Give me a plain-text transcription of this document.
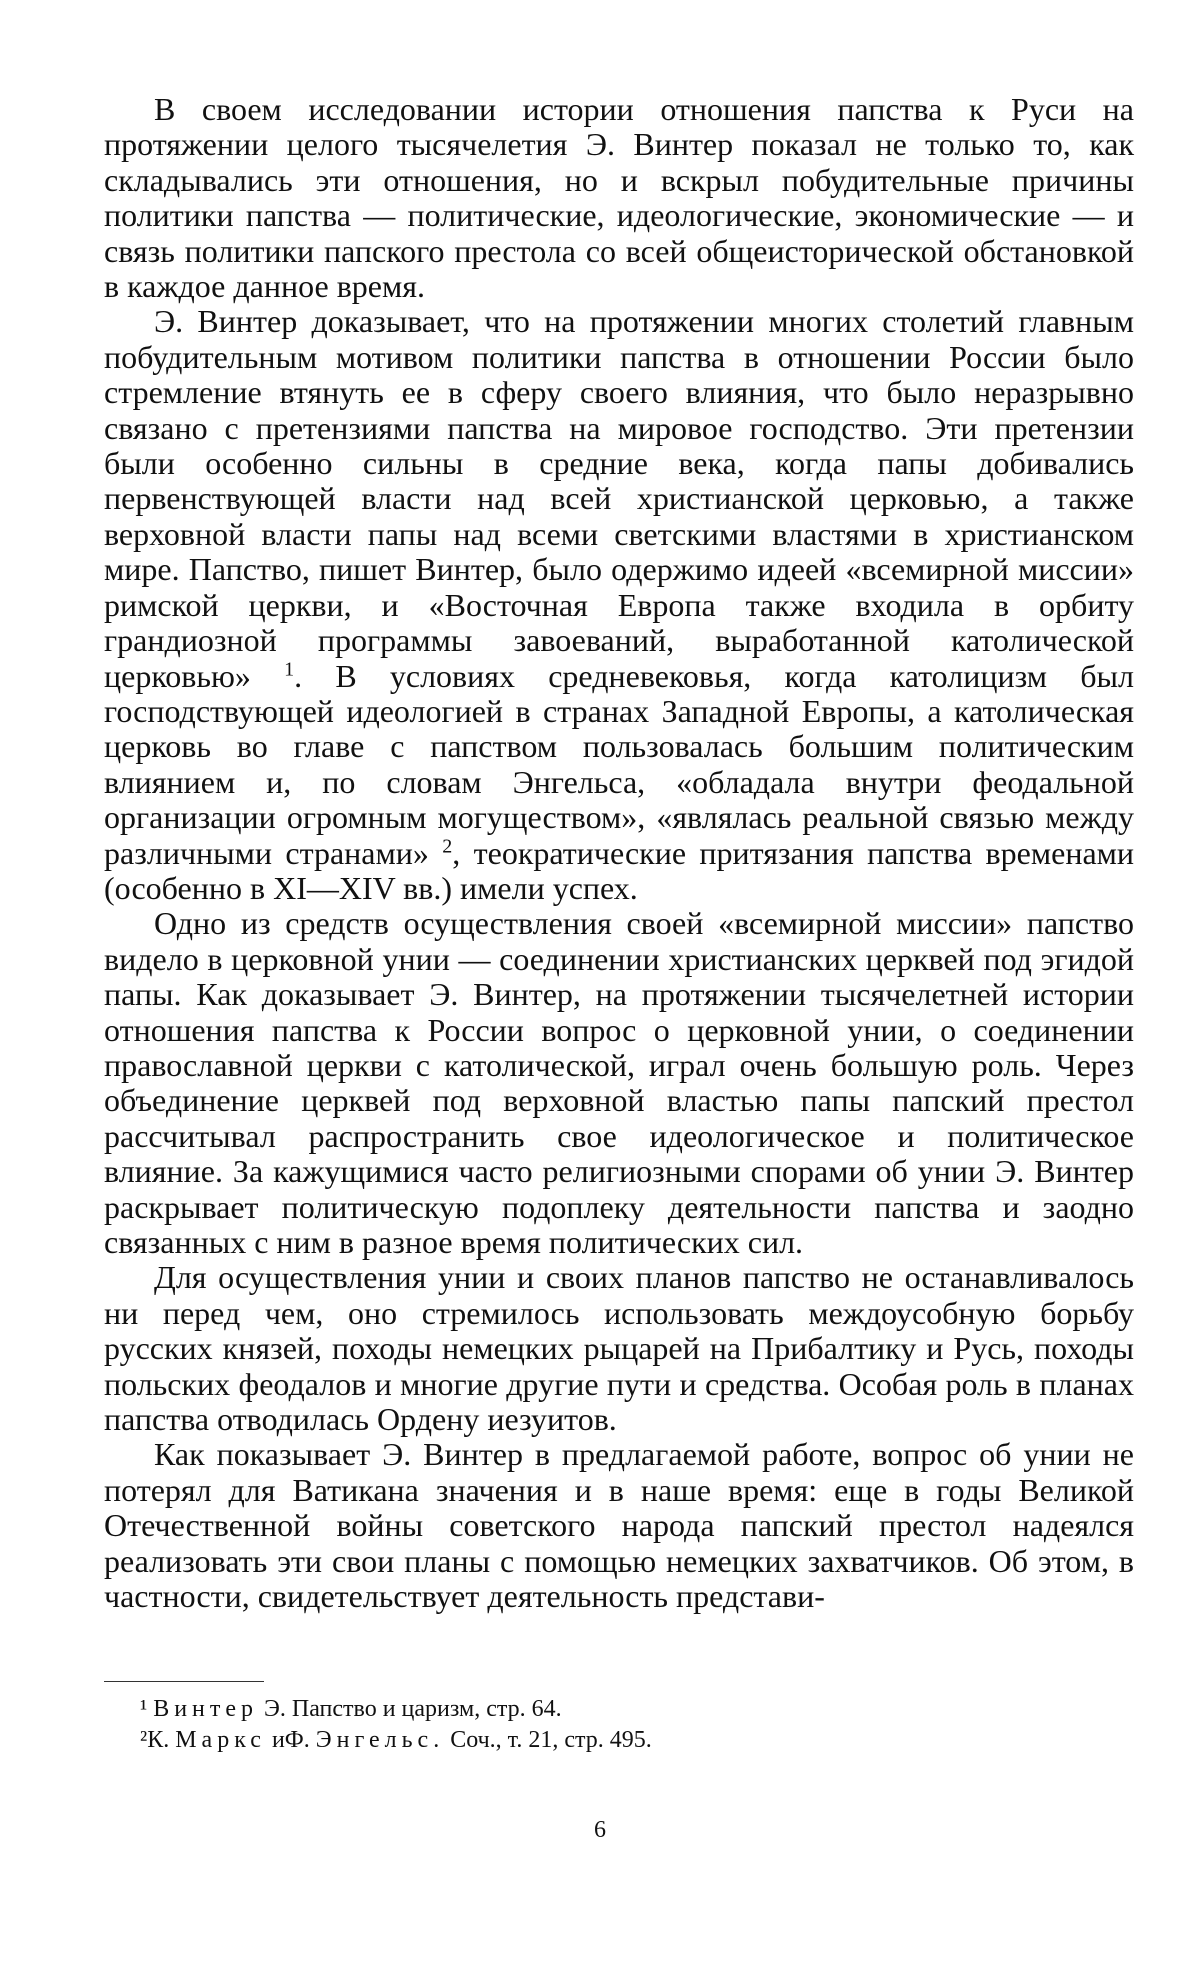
В своем исследовании истории отношения папства к Руси на протяжении целого тысячелетия Э. Винтер показал не только то, как складывались эти отношения, но и вскрыл побудительные причины политики папства — политические, идеологические, экономические — и связь политики папского престола со всей общеисторической обстановкой в каждое данное время.

Э. Винтер доказывает, что на протяжении многих столетий главным побудительным мотивом политики папства в отношении России было стремление втянуть ее в сферу своего влияния, что было неразрывно связано с претензиями папства на мировое господство. Эти претензии были особенно сильны в средние века, когда папы добивались первенствующей власти над всей христианской церковью, а также верховной власти папы над всеми светскими властями в христианском мире. Папство, пишет Винтер, было одержимо идеей «всемирной миссии» римской церкви, и «Восточная Европа также входила в орбиту грандиозной программы завоеваний, выработанной католической церковью» $^1$. В условиях средневековья, когда католицизм был господствующей идеологией в странах Западной Европы, а католическая церковь во главе с папством пользовалась большим политическим влиянием и, по словам Энгельса, «обладала внутри феодальной организации огромным могуществом», «являлась реальной связью между различными странами» $^2$, теократические притязания папства временами (особенно в XI—XIV вв.) имели успех.

Одно из средств осуществления своей «всемирной миссии» папство видело в церковной унии — соединении христианских церквей под эгидой папы. Как доказывает Э. Винтер, на протяжении тысячелетней истории отношения папства к России вопрос о церковной унии, о соединении православной церкви с католической, играл очень большую роль. Через объединение церквей под верховной властью папы папский престол рассчитывал распространить свое идеологическое и политическое влияние. За кажущимися часто религиозными спорами об унии Э. Винтер раскрывает политическую подоплеку деятельности папства и заодно связанных с ним в разное время политических сил.

Для осуществления унии и своих планов папство не останавливалось ни перед чем, оно стремилось использовать междоусобную борьбу русских князей, походы немецких рыцарей на Прибалтику и Русь, походы польских феодалов и многие другие пути и средства. Особая роль в планах папства отводилась Ордену иезуитов.

Как показывает Э. Винтер в предлагаемой работе, вопрос об унии не потерял для Ватикана значения и в наше время: еще в годы Великой Отечественной войны советского народа папский престол надеялся реализовать эти свои планы с помощью немецких захватчиков. Об этом, в частности, свидетельствует деятельность представи-

¹ Винтер Э. Папство и царизм, стр. 64.

²К. Маркс иФ. Энгельс. Соч., т. 21, стр. 495.

6
